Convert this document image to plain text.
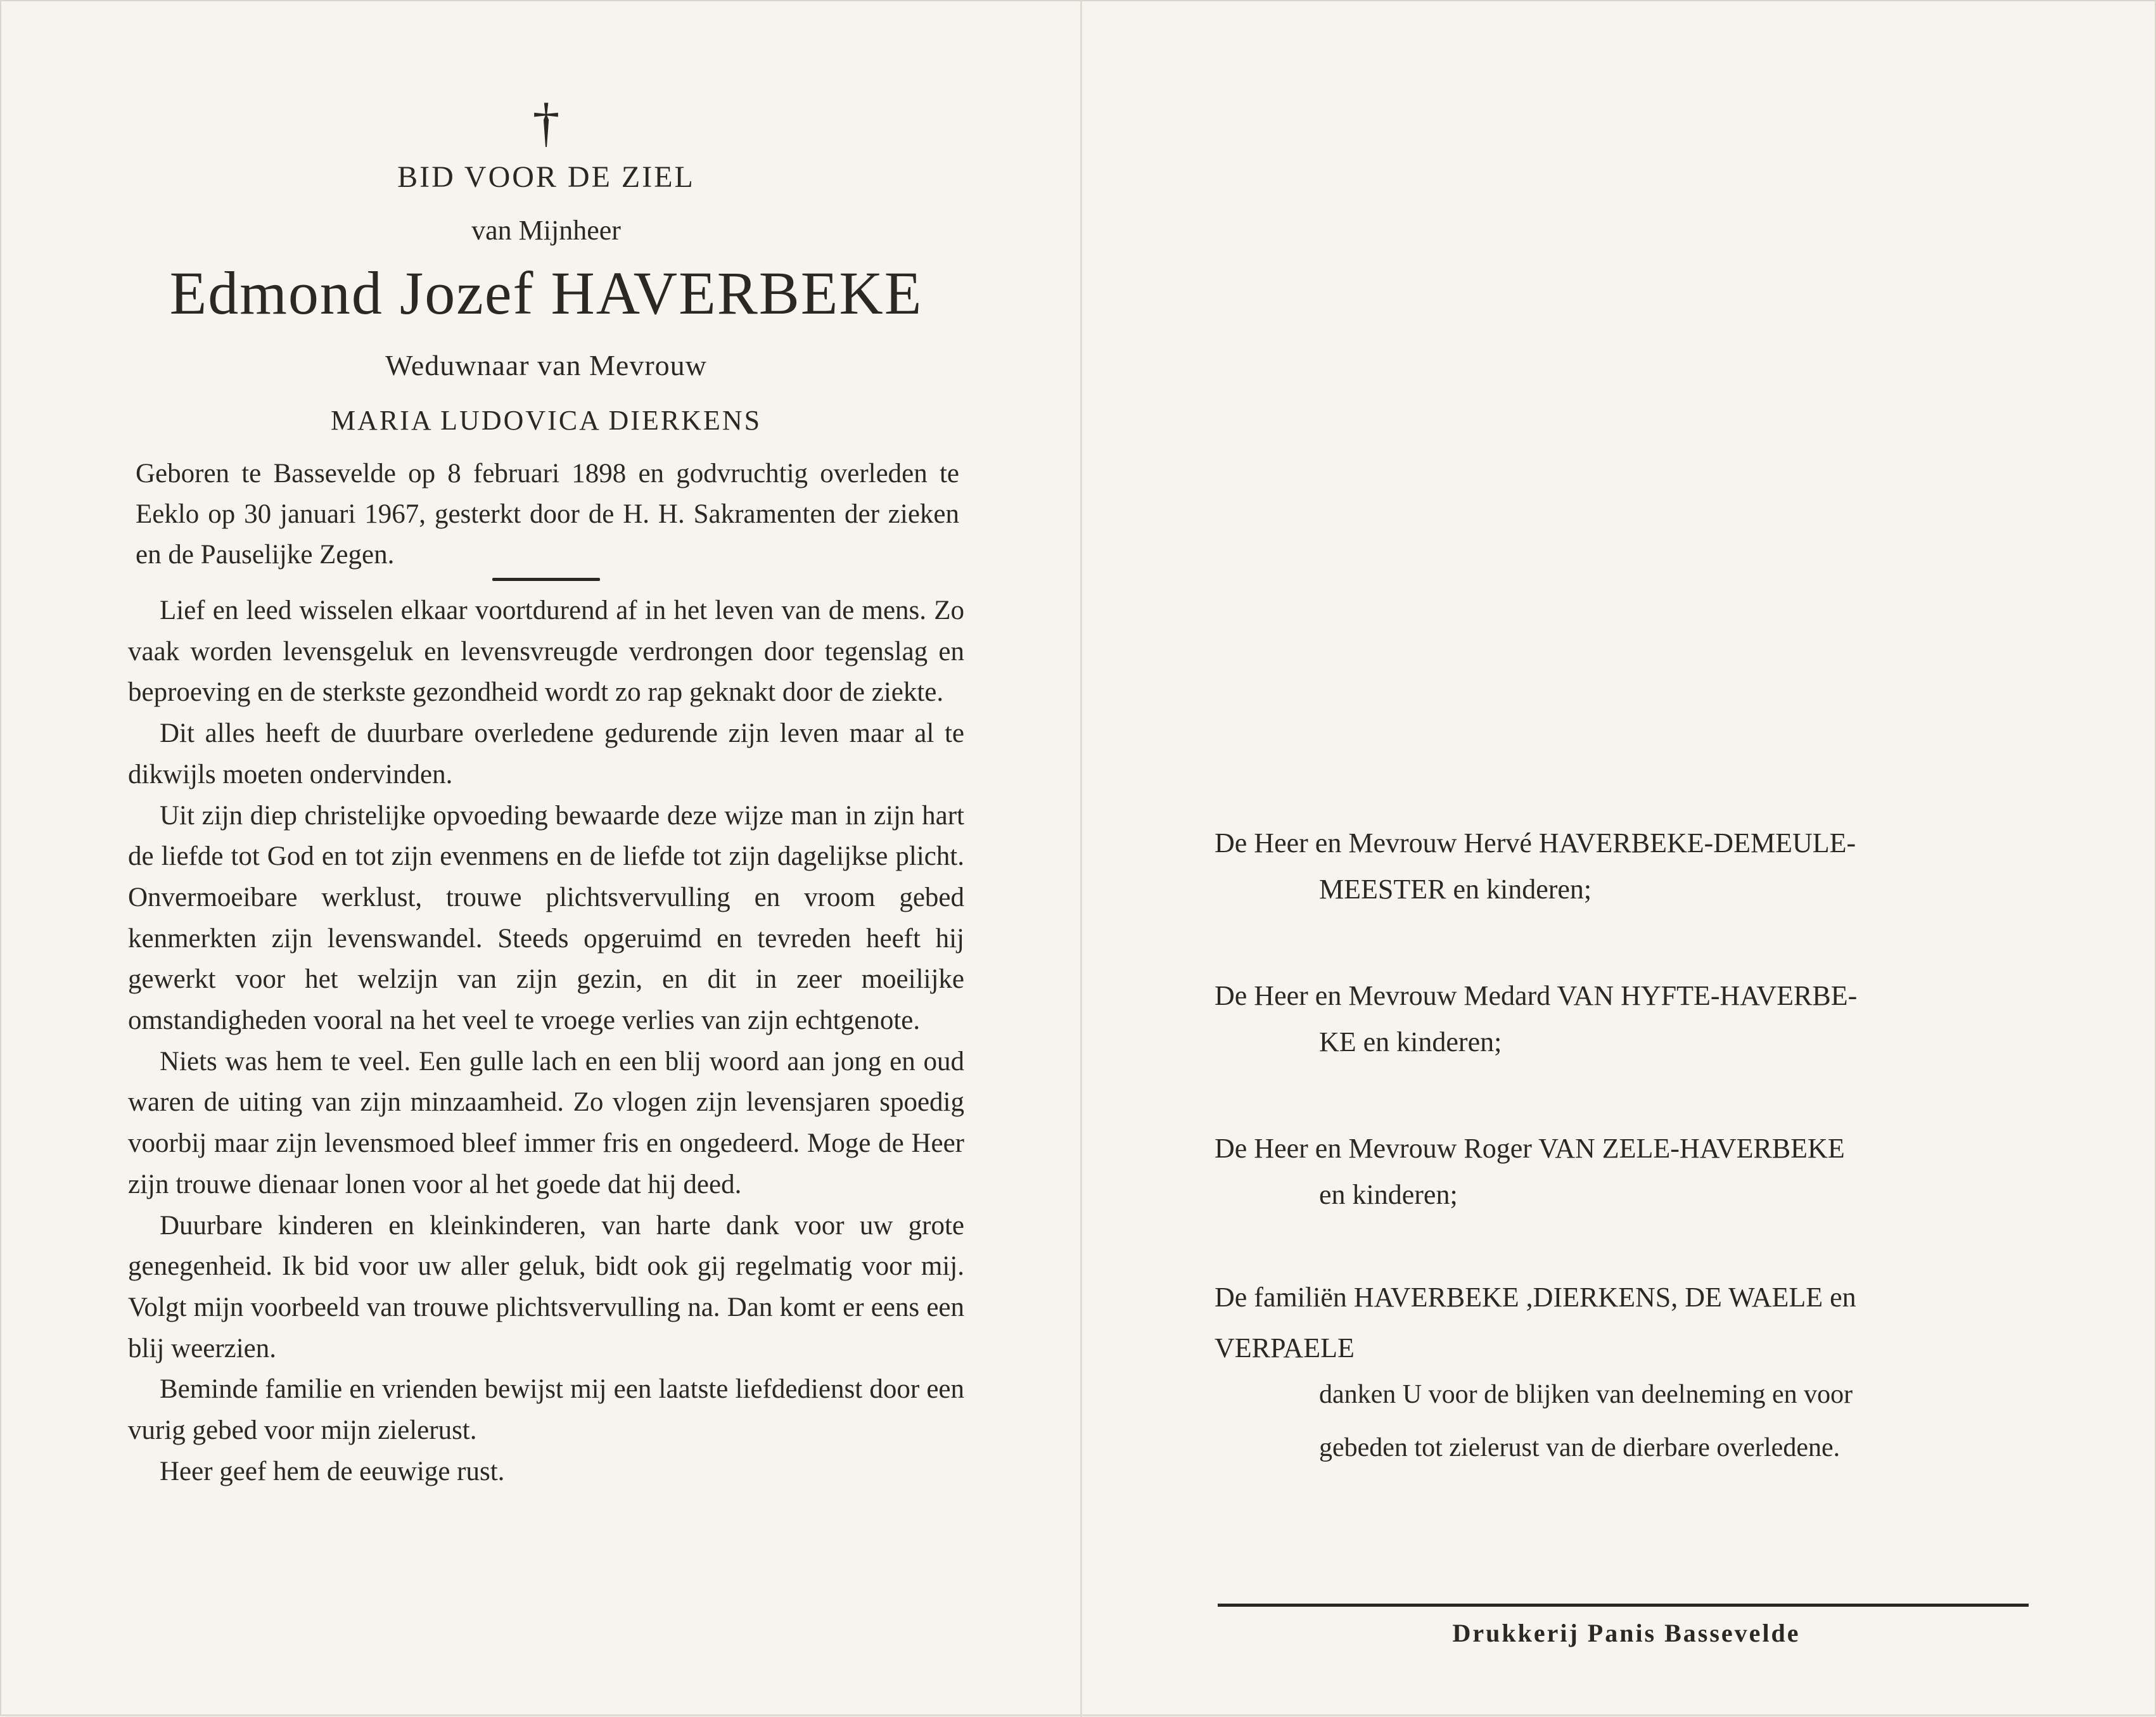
†
BID VOOR DE ZIEL
van Mijnheer
Edmond Jozef HAVERBEKE
Weduwnaar van Mevrouw
MARIA LUDOVICA DIERKENS
Geboren te Bassevelde op 8 februari 1898 en godvruchtig overleden te Eeklo op 30 januari 1967, gesterkt door de H. H. Sakramenten der zieken en de Pauselijke Zegen.

Lief en leed wisselen elkaar voortdurend af in het leven van de mens. Zo vaak worden levensgeluk en levensvreugde verdrongen door tegenslag en beproeving en de sterkste gezondheid wordt zo rap geknakt door de ziekte.

Dit alles heeft de duurbare overledene gedurende zijn leven maar al te dikwijls moeten ondervinden.

Uit zijn diep christelijke opvoeding bewaarde deze wijze man in zijn hart de liefde tot God en tot zijn evenmens en de liefde tot zijn dagelijkse plicht. Onvermoeibare werklust, trouwe plichtsvervulling en vroom gebed kenmerkten zijn levenswandel. Steeds opgeruimd en tevreden heeft hij gewerkt voor het welzijn van zijn gezin, en dit in zeer moeilijke omstandigheden vooral na het veel te vroege verlies van zijn echtgenote.

Niets was hem te veel. Een gulle lach en een blij woord aan jong en oud waren de uiting van zijn minzaamheid. Zo vlogen zijn levensjaren spoedig voorbij maar zijn levensmoed bleef immer fris en ongedeerd. Moge de Heer zijn trouwe dienaar lonen voor al het goede dat hij deed.

Duurbare kinderen en kleinkinderen, van harte dank voor uw grote genegenheid. Ik bid voor uw aller geluk, bidt ook gij regelmatig voor mij. Volgt mijn voorbeeld van trouwe plichtsvervulling na. Dan komt er eens een blij weerzien.

Beminde familie en vrienden bewijst mij een laatste liefdedienst door een vurig gebed voor mijn zielerust.

Heer geef hem de eeuwige rust.

De Heer en Mevrouw Hervé HAVERBEKE-DEMEULE-
MEESTER en kinderen;
De Heer en Mevrouw Medard VAN HYFTE-HAVERBE-
KE en kinderen;
De Heer en Mevrouw Roger VAN ZELE-HAVERBEKE
en kinderen;
De familiën HAVERBEKE ,DIERKENS, DE WAELE en
VERPAELE
danken U voor de blijken van deelneming en voor
gebeden tot zielerust van de dierbare overledene.
Drukkerij Panis Bassevelde
